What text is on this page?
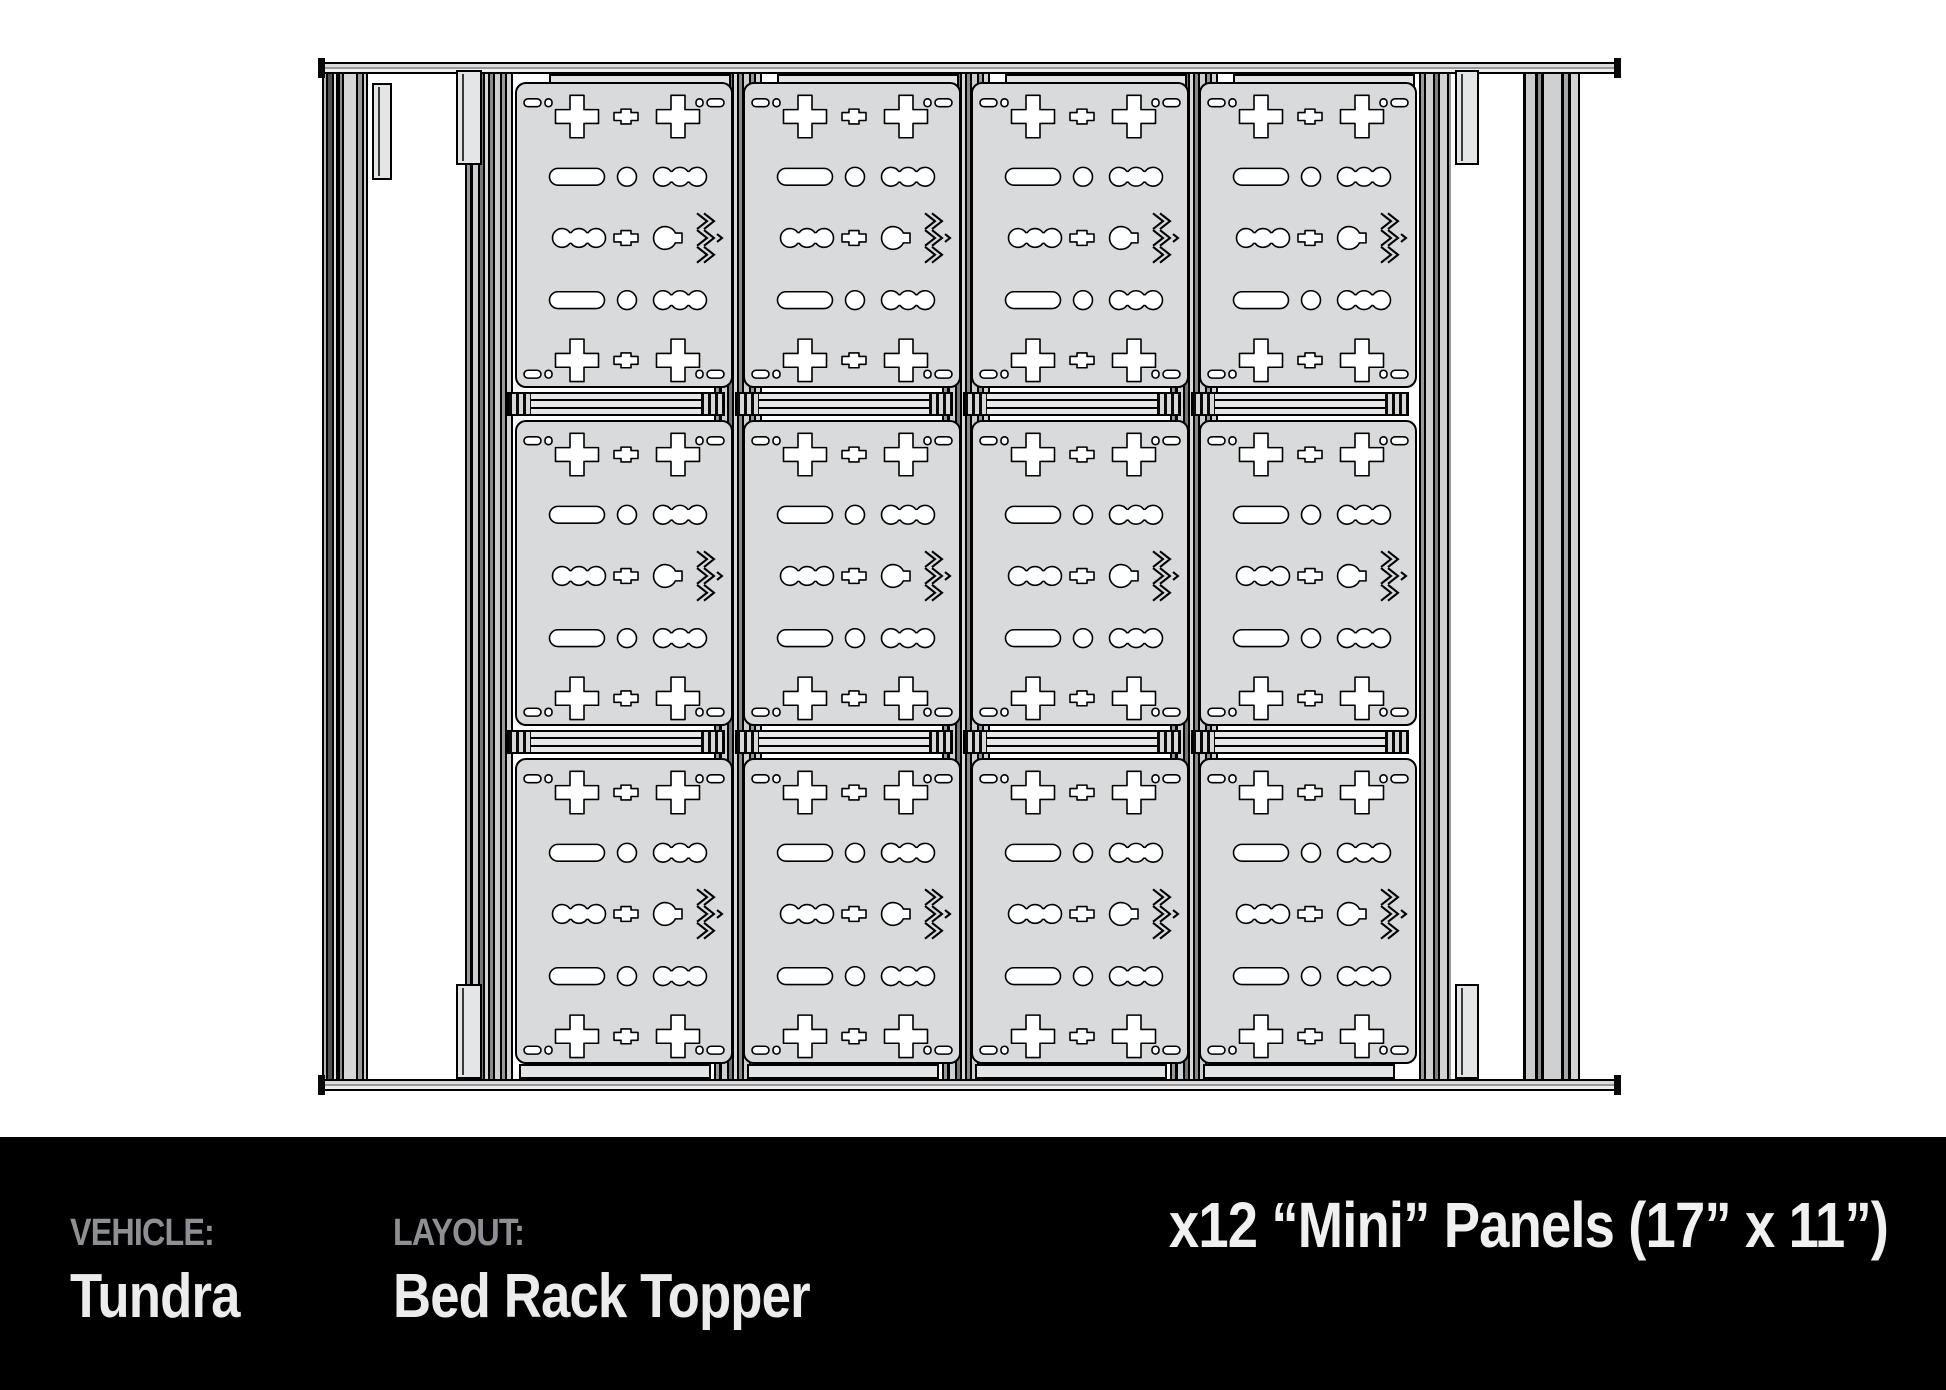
VEHICLE:
Tundra
LAYOUT:
Bed Rack Topper
x12 “Mini” Panels (17” x 11”)
